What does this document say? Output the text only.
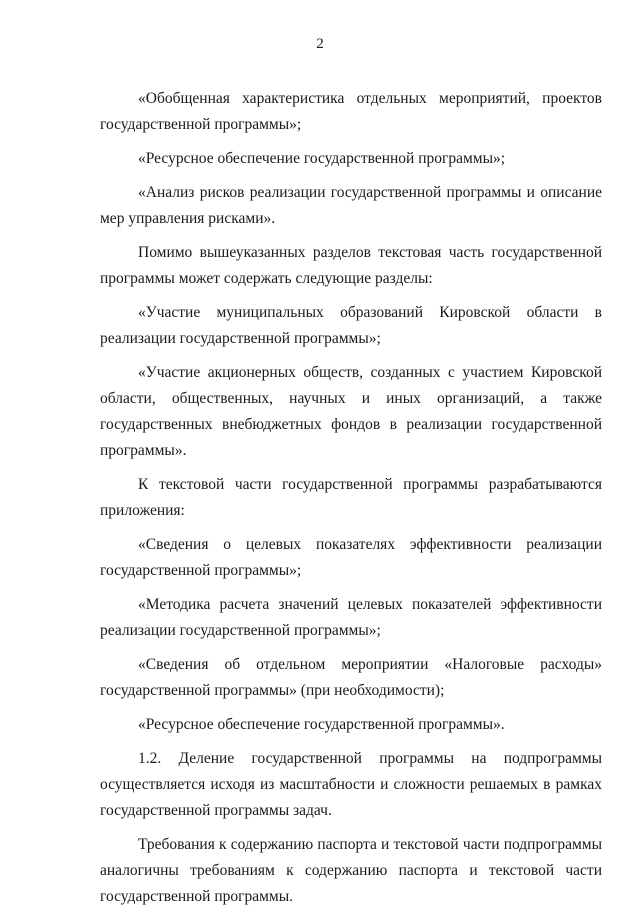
2

«Обобщенная характеристика отдельных мероприятий, проектов государственной программы»;

«Ресурсное обеспечение государственной программы»;

«Анализ рисков реализации государственной программы и описание мер управления рисками».

Помимо вышеуказанных разделов текстовая часть государственной программы может содержать следующие разделы:

«Участие муниципальных образований Кировской области в реализации государственной программы»;

«Участие акционерных обществ, созданных с участием Кировской области, общественных, научных и иных организаций, а также государственных внебюджетных фондов в реализации государственной программы».

К текстовой части государственной программы разрабатываются приложения:

«Сведения о целевых показателях эффективности реализации государственной программы»;

«Методика расчета значений целевых показателей эффективности реализации государственной программы»;

«Сведения об отдельном мероприятии «Налоговые расходы» государственной программы» (при необходимости);

«Ресурсное обеспечение государственной программы».

1.2. Деление государственной программы на подпрограммы осуществляется исходя из масштабности и сложности решаемых в рамках государственной программы задач.

Требования к содержанию паспорта и текстовой части подпрограммы аналогичны требованиям к содержанию паспорта и текстовой части государственной программы.
